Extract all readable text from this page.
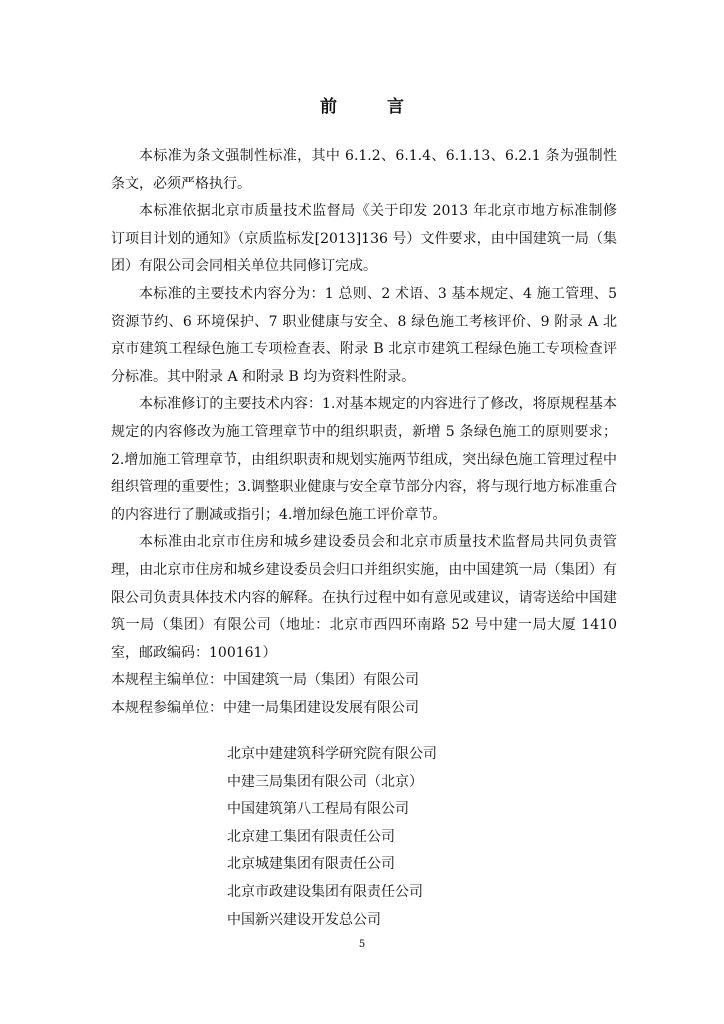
前 言

本标准为条文强制性标准，其中 6.1.2、6.1.4、6.1.13、6.2.1 条为强制性条文，必须严格执行。

本标准依据北京市质量技术监督局《关于印发 2013 年北京市地方标准制修订项目计划的通知》（京质监标发[2013]136 号）文件要求，由中国建筑一局（集团）有限公司会同相关单位共同修订完成。

本标准的主要技术内容分为：1 总则、2 术语、3 基本规定、4 施工管理、5 资源节约、6 环境保护、7 职业健康与安全、8 绿色施工考核评价、9 附录 A 北京市建筑工程绿色施工专项检查表、附录 B 北京市建筑工程绿色施工专项检查评分标准。其中附录 A 和附录 B 均为资料性附录。

本标准修订的主要技术内容：1.对基本规定的内容进行了修改，将原规程基本规定的内容修改为施工管理章节中的组织职责，新增 5 条绿色施工的原则要求；2.增加施工管理章节，由组织职责和规划实施两节组成，突出绿色施工管理过程中组织管理的重要性；3.调整职业健康与安全章节部分内容，将与现行地方标准重合的内容进行了删减或指引；4.增加绿色施工评价章节。

本标准由北京市住房和城乡建设委员会和北京市质量技术监督局共同负责管理，由北京市住房和城乡建设委员会归口并组织实施，由中国建筑一局（集团）有限公司负责具体技术内容的解释。在执行过程中如有意见或建议，请寄送给中国建筑一局（集团）有限公司（地址：北京市西四环南路 52 号中建一局大厦 1410 室，邮政编码：100161）

本规程主编单位：中国建筑一局（集团）有限公司

本规程参编单位：中建一局集团建设发展有限公司

北京中建建筑科学研究院有限公司
中建三局集团有限公司（北京）
中国建筑第八工程局有限公司
北京建工集团有限责任公司
北京城建集团有限责任公司
北京市政建设集团有限责任公司
中国新兴建设开发总公司
5
